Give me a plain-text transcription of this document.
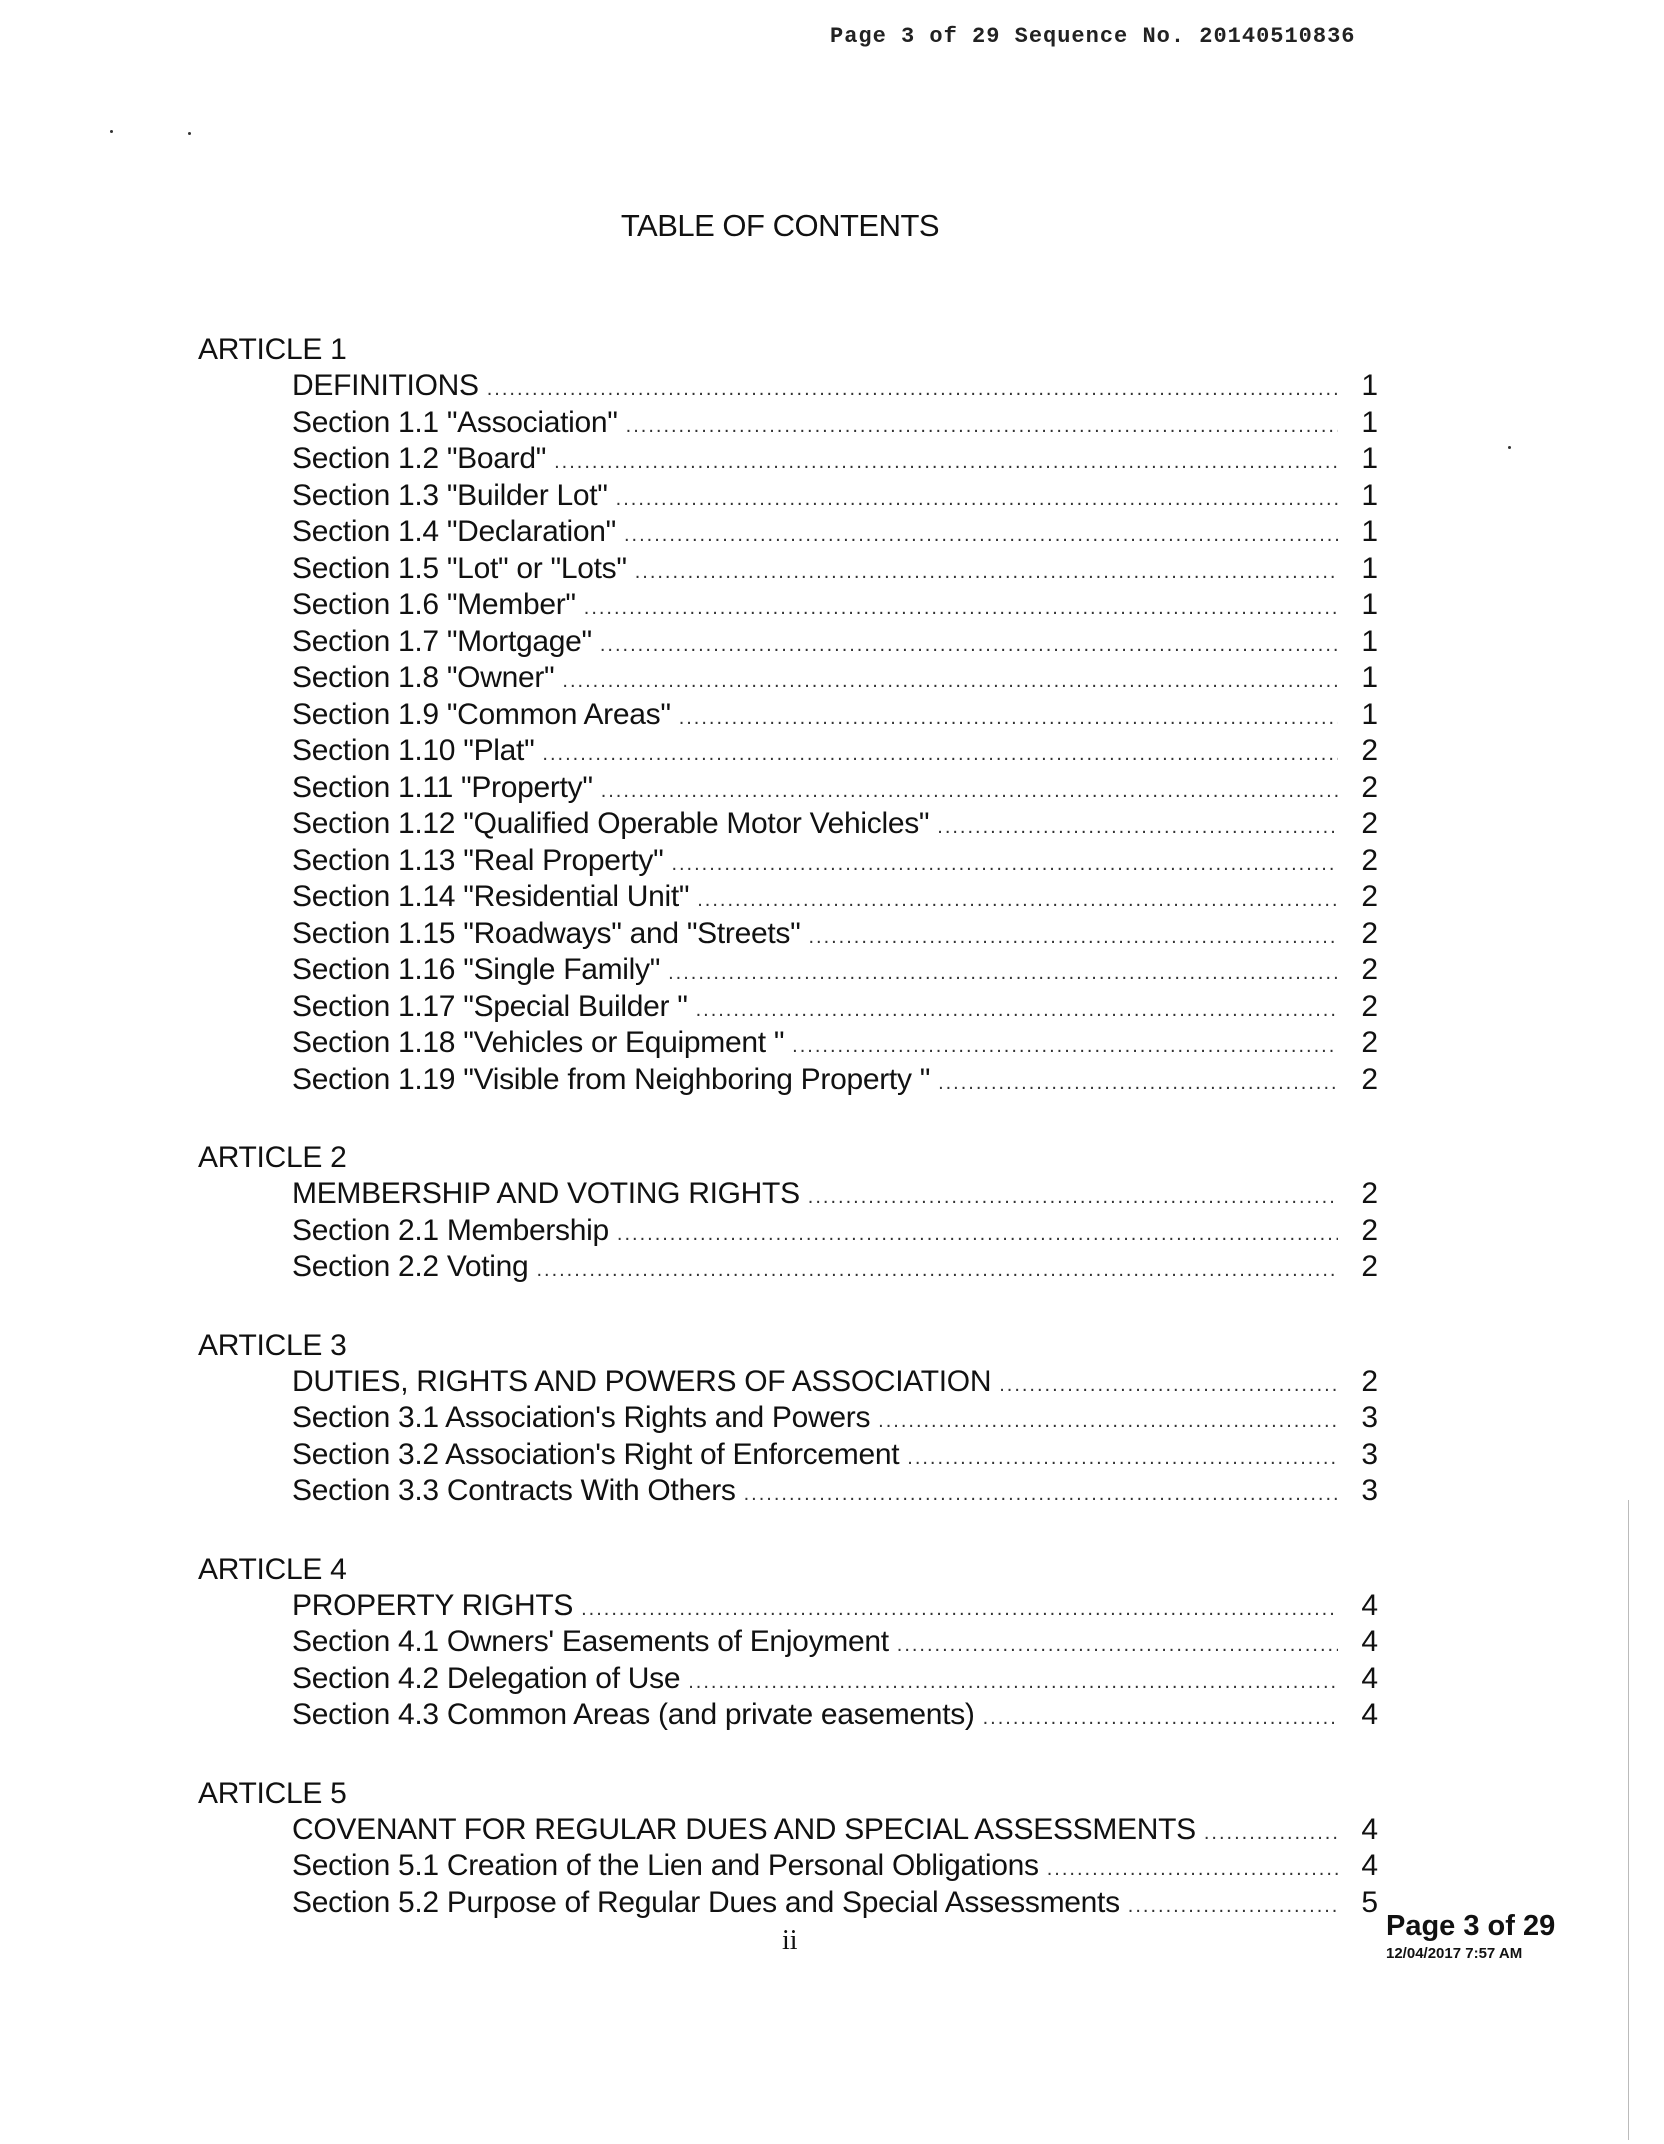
Page 3 of 29 Sequence No. 20140510836
TABLE OF CONTENTS
ARTICLE 1
DEFINITIONS .....	1
Section 1.1 "Association" .....	1
Section 1.2 "Board" .....	1
Section 1.3 "Builder Lot" .....	1
Section 1.4 "Declaration" .....	1
Section 1.5 "Lot" or "Lots" .....	1
Section 1.6 "Member" .....	1
Section 1.7 "Mortgage" .....	1
Section 1.8 "Owner" .....	1
Section 1.9 "Common Areas" .....	1
Section 1.10 "Plat" .....	2
Section 1.11 "Property" .....	2
Section 1.12 "Qualified Operable Motor Vehicles" .....	2
Section 1.13 "Real Property" .....	2
Section 1.14 "Residential Unit" .....	2
Section 1.15 "Roadways" and "Streets" .....	2
Section 1.16 "Single Family" .....	2
Section 1.17 "Special Builder " .....	2
Section 1.18 "Vehicles or Equipment " .....	2
Section 1.19 "Visible from Neighboring Property " .....	2
ARTICLE 2
MEMBERSHIP AND VOTING RIGHTS .....	2
Section 2.1 Membership .....	2
Section 2.2 Voting .....	2
ARTICLE 3
DUTIES, RIGHTS AND POWERS OF ASSOCIATION .....	2
Section 3.1 Association's Rights and Powers .....	3
Section 3.2 Association's Right of Enforcement .....	3
Section 3.3 Contracts With Others .....	3
ARTICLE 4
PROPERTY RIGHTS .....	4
Section 4.1 Owners' Easements of Enjoyment .....	4
Section 4.2 Delegation of Use .....	4
Section 4.3 Common Areas (and private easements) .....	4
ARTICLE 5
COVENANT FOR REGULAR DUES AND SPECIAL ASSESSMENTS .....	4
Section 5.1 Creation of the Lien and Personal Obligations .....	4
Section 5.2 Purpose of Regular Dues and Special Assessments .....	5
ii	Page 3 of 29
12/04/2017 7:57 AM
